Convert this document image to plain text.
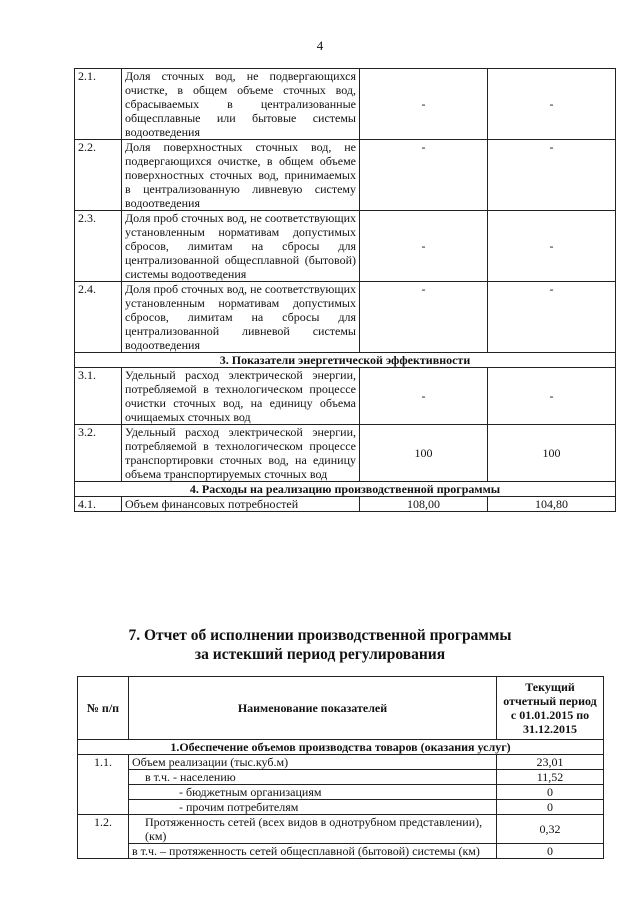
4
2.1.	Доля сточных вод, не подвергающихся очистке, в общем объеме сточных вод, сбрасываемых в централизованные общесплавные или бытовые системы водоотведения	-	-
2.2.	Доля поверхностных сточных вод, не подвергающихся очистке, в общем объеме поверхностных сточных вод, принимаемых в централизованную ливневую систему водоотведения	-	-
2.3.	Доля проб сточных вод, не соответствующих установленным нормативам допустимых сбросов, лимитам на сбросы для централизованной общесплавной (бытовой) системы водоотведения	-	-
2.4.	Доля проб сточных вод, не соответствующих установленным нормативам допустимых сбросов, лимитам на сбросы для централизованной ливневой системы водоотведения	-	-
3. Показатели энергетической эффективности			
3.1.	Удельный расход электрической энергии, потребляемой в технологическом процессе очистки сточных вод, на единицу объема очищаемых сточных вод	-	-
3.2.	Удельный расход электрической энергии, потребляемой в технологическом процессе транспортировки сточных вод, на единицу объема транспортируемых сточных вод	100	100
4. Расходы на реализацию производственной программы			
4.1.	Объем финансовых потребностей	108,00	104,80
7. Отчет об исполнении производственной программы
за истекший период регулирования
№ п/п	Наименование показателей	Текущий отчетный период с 01.01.2015 по 31.12.2015
1.Обеспечение объемов производства товаров (оказания услуг)		
1.1.	Объем реализации (тыс.куб.м)	23,01
	в т.ч. - населению	11,52
	- бюджетным организациям	0
	- прочим потребителям	0
1.2.	Протяженность сетей (всех видов в однотрубном представлении), (км)	0,32
	в т.ч. – протяженность сетей общесплавной (бытовой) системы (км)	0
